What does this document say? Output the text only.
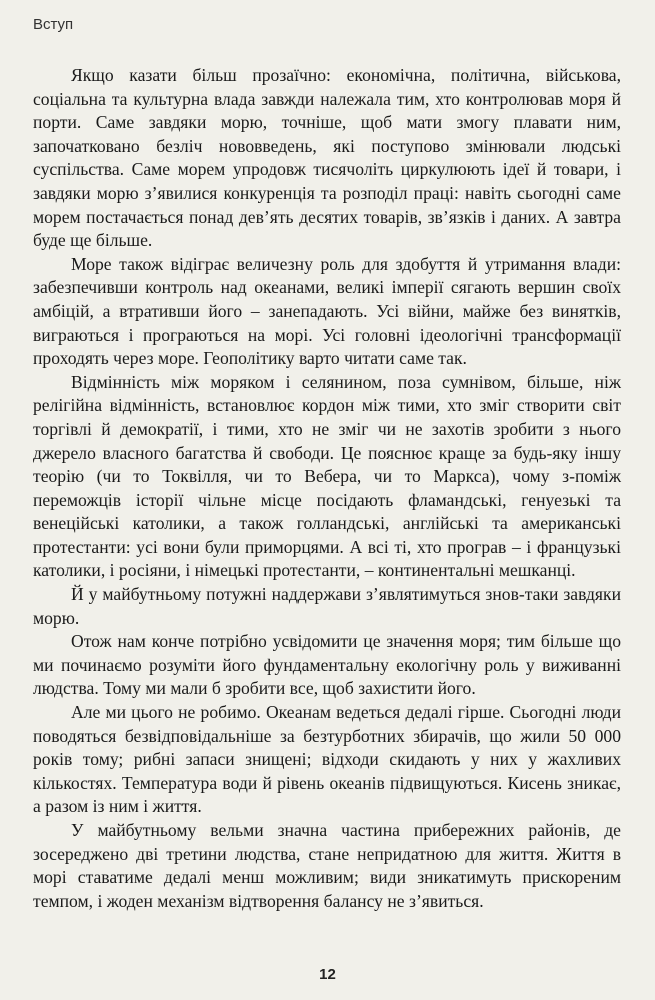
Вступ

Якщо казати більш прозаїчно: економічна, політична, військова, соціальна та культурна влада завжди належала тим, хто контролював моря й порти. Саме завдяки морю, точніше, щоб мати змогу плавати ним, започатковано безліч нововведень, які поступово змінювали людські суспільства. Саме морем упродовж тисячоліть циркулюють ідеї й товари, і завдяки морю з’явилися конкуренція та розподіл праці: навіть сьогодні саме морем постачається понад дев’ять десятих товарів, зв’язків і даних. А завтра буде ще більше.

Море також відіграє величезну роль для здобуття й утримання влади: забезпечивши контроль над океанами, великі імперії сягають вершин своїх амбіцій, а втративши його – занепадають. Усі війни, майже без винятків, виграються і програються на морі. Усі головні ідеологічні трансформації проходять через море. Геополітику варто читати саме так.

Відмінність між моряком і селянином, поза сумнівом, більше, ніж релігійна відмінність, встановлює кордон між тими, хто зміг створити світ торгівлі й демократії, і тими, хто не зміг чи не захотів зробити з нього джерело власного багатства й свободи. Це пояснює краще за будь-яку іншу теорію (чи то Токвілля, чи то Вебера, чи то Маркса), чому з-поміж переможців історії чільне місце посідають фламандські, генуезькі та венеційські католики, а також голландські, англійські та американські протестанти: усі вони були приморцями. А всі ті, хто програв – і французькі католики, і росіяни, і німецькі протестанти, – континентальні мешканці.

Й у майбутньому потужні наддержави з’являтимуться знов-таки завдяки морю.

Отож нам конче потрібно усвідомити це значення моря; тим більше що ми починаємо розуміти його фундаментальну екологічну роль у виживанні людства. Тому ми мали б зробити все, щоб захистити його.

Але ми цього не робимо. Океанам ведеться дедалі гірше. Сьогодні люди поводяться безвідповідальніше за безтурботних збирачів, що жили 50 000 років тому; рибні запаси знищені; відходи скидають у них у жахливих кількостях. Температура води й рівень океанів підвищуються. Кисень зникає, а разом із ним і життя.

У майбутньому вельми значна частина прибережних районів, де зосереджено дві третини людства, стане непридатною для життя. Життя в морі ставатиме дедалі менш можливим; види зникатимуть прискореним темпом, і жоден механізм відтворення балансу не з’явиться.

12
